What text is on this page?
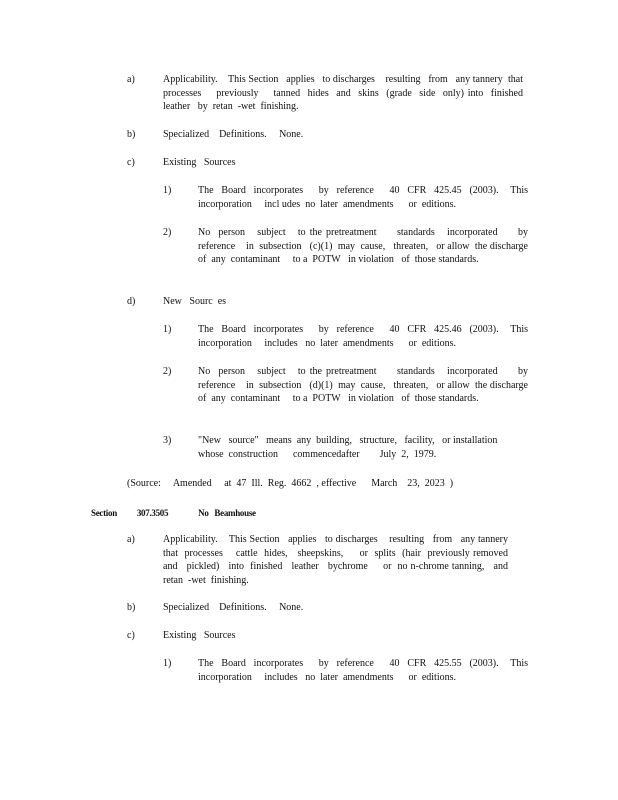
a)	Applicability.    This Section   applies   to discharges    resulting   from   any tannery  that processes    previously    tanned  hides  and  skins  (grade  side  only) into  finished   leather   by  retan  -wet  finishing.

b)	Specialized    Definitions.     None.

c)	Existing   Sources

1)	The  Board  incorporates    by  reference    40  CFR  425.45  (2003).   This incorporation     incl udes  no  later  amendments      or  editions.

2)	No  person   subject   to the pretreatment     standards   incorporated     by reference    in  subsection   (c)(1)  may  cause,   threaten,   or allow  the discharge    of  any  contaminant     to a  POTW   in violation   of  those standards.

d)	New   Sourc  es

1)	The  Board  incorporates    by  reference    40  CFR  425.46  (2003).   This incorporation     includes   no  later  amendments      or  editions.

2)	No  person   subject   to the pretreatment     standards   incorporated     by reference    in  subsection   (d)(1)  may  cause,   threaten,   or allow  the discharge    of  any  contaminant     to a  POTW   in violation   of  those standards.

3)	"New   source"   means  any  building,   structure,   facility,   or installation   whose  construction      commencedafter        July  2,  1979.

(Source:     Amended     at  47  Ill.  Reg.  4662  , effective      March    23,  2023  )

Section 307.3505	No   Beamhouse
a)	Applicability.    This Section   applies   to discharges    resulting   from   any tannery   that  processes    cattle  hides,   sheepskins,     or  splits  (hair  previously removed    and   pickled)   into  finished   leather   bychrome     or  no n-chrome tanning,   and   retan  -wet  finishing.

b)	Specialized    Definitions.     None.

c)	Existing   Sources

1)	The  Board  incorporates    by  reference    40  CFR  425.55  (2003).   This incorporation     includes   no  later  amendments      or  editions.
